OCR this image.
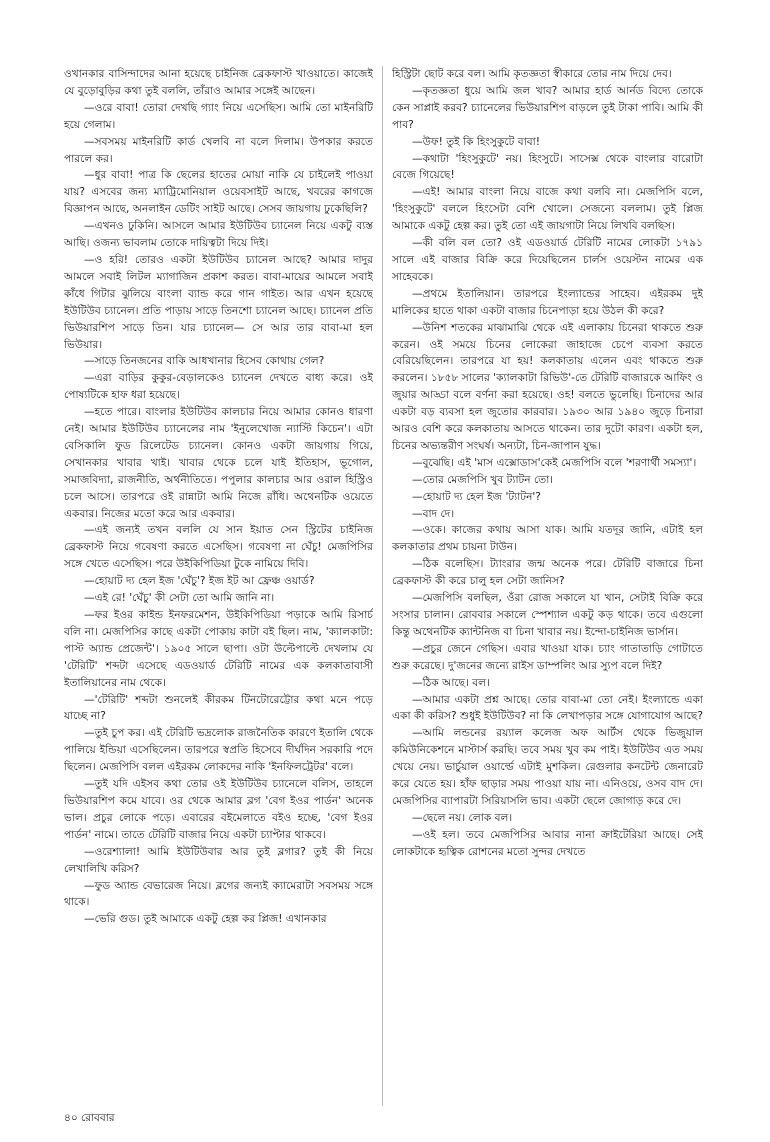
ওখানকার বাসিন্দাদের আনা হয়েছে চাইনিজ ব্রেকফাস্ট খাওয়াতে। কাজেই যে বুড়োবুড়ির কথা তুই বললি, তাঁরাও আমার সঙ্গেই আছেন।

—ওরে বাবা! তোরা দেখছি গ্যাং নিয়ে এসেছিস। আমি তো মাইনরিটি হয়ে গেলাম।

—সবসময় মাইনরিটি কার্ড খেলবি না বলে দিলাম। উপকার করতে পারলে কর।

—ধুর বাবা! পাত্র কি ছেলের হাতের মোয়া নাকি যে চাইলেই পাওয়া যায়? এসবের জন্য ম্যাট্রিমোনিয়াল ওয়েবসাইট আছে, খবরের কাগজে বিজ্ঞাপন আছে, অনলাইন ডেটিং সাইট আছে। সেসব জায়গায় ঢুকেছিলি?

—এখনও ঢুকিনি। আসলে আমার ইউটিউব চ্যানেল নিয়ে একটু ব্যস্ত আছি। ওজন্য ভাবলাম তোকে দায়িত্বটা দিয়ে দিই।

—ও হরি! তোরও একটা ইউটিউব চ্যানেল আছে? আমার দাদুর আমলে সবাই লিটল ম্যাগাজিন প্রকাশ করত। বাবা-মায়ের আমলে সবাই কাঁধে গিটার ঝুলিয়ে বাংলা ব্যান্ড করে গান গাইত। আর এখন হয়েছে ইউটিউব চ্যানেল। প্রতি পাড়ায় সাড়ে তিনশো চ্যানেল আছে। চ্যানেল প্রতি ভিউয়ারশিপ সাড়ে তিন। যার চ্যানেল— সে আর তার বাবা-মা হল ভিউয়ার।

—সাড়ে তিনজনের বাকি আধখানার হিসেব কোথায় গেল?

—এরা বাড়ির কুকুর-বেড়ালকেও চ্যানেল দেখতে বাধ্য করে। ওই পোষ্যটিকে হাফ ধরা হয়েছে।

—হতে পারে। বাংলার ইউটিউব কালচার নিয়ে আমার কোনও ধারণা নেই। আমার ইউটিউব চ্যানেলের নাম 'ইনুলেখোজ ন্যাস্টি কিচেন'। এটা বেসিকালি ফুড রিলেটেড চ্যানেল। কোনও একটা জায়গায় গিয়ে, সেখানকার খাবার খাই। খাবার থেকে চলে যাই ইতিহাস, ভূগোল, সমাজবিদ্যা, রাজনীতি, অর্থনীতিতে। পপুলার কালচার আর ওরাল হিস্ট্রিও চলে আসে। তারপরে ওই রান্নাটা আমি নিজে রাঁধি। অথেনটিক ওয়েতে একবার। নিজের মতো করে আর একবার।

—এই জন্যই তখন বললি যে সান ইয়াত সেন স্ট্রিটের চাইনিজ ব্রেকফাস্ট নিয়ে গবেষণা করতে এসেছিস। গবেষণা না ঘেঁচু! মেজপিসির সঙ্গে খেতে এসেছিস। পরে উইকিপিডিয়া টুকে নামিয়ে দিবি।

—হোয়াট দ্য হেল ইজ 'ঘেঁচু'? ইজ ইট আ ফ্রেঞ্চ ওয়ার্ড?

—এই রে! 'ঘেঁচু' কী সেটা তো আমি জানি না।

—ফর ইওর কাইন্ড ইনফরমেশন, উইকিপিডিয়া পড়াকে আমি রিসার্চ বলি না। মেজপিসির কাছে একটা পোকায় কাটা বই ছিল। নাম, 'ক্যালকাটা: পাস্ট অ্যান্ড প্রেজেন্ট'। ১৯০৫ সালে ছাপা। ওটা উল্টেপাল্টে দেখলাম যে 'টেরিটি' শব্দটা এসেছে এডওয়ার্ড টেরিটি নামের এক কলকাতাবাসী ইতালিয়ানের নাম থেকে।

—'টেরিটি' শব্দটা শুনলেই কীরকম টিনটোরেট্টোর কথা মনে পড়ে যাচ্ছে না?

—তুই চুপ কর। এই টেরিটি ভদ্রলোক রাজনৈতিক কারণে ইতালি থেকে পালিয়ে ইন্ডিয়া এসেছিলেন। তারপরে স্বপ্রতি হিসেবে দীর্ঘদিন সরকারি পদে ছিলেন। মেজপিসি বলল এইরকম লোকদের নাকি 'ইনফিলট্রেটর' বলে।

—তুই যদি এইসব কথা তোর ওই ইউটিউব চ্যানেলে বলিস, তাহলে ভিউয়ারশিপ কমে যাবে। ওর থেকে আমার ব্লগ 'বেগ ইওর পার্ডন' অনেক ভাল। প্রচুর লোকে পড়ে। এবারের বইমেলাতে বইও হচ্ছে, 'বেগ ইওর পার্ডন' নামে। তাতে টেরিটি বাজার নিয়ে একটা চ্যাপ্টার থাকবে।

—ওরেশ্যালা! আমি ইউটিউবার আর তুই ব্লগার? তুই কী নিয়ে লেখালিখি করিস?

—ফুড অ্যান্ড বেভারেজ নিয়ে। ব্লগের জন্যই ক্যামেরাটা সবসময় সঙ্গে থাকে।

—ভেরি গুড। তুই আমাকে একটু হেল্প কর প্লিজ! এখানকার

হিস্ট্রিটা ছোট করে বল। আমি কৃতজ্ঞতা স্বীকারে তোর নাম দিয়ে দেব।

—কৃতজ্ঞতা ধুয়ে আমি জল খাব? আমার হার্ড আর্নড বিদ্যে তোকে কেন সাপ্লাই করব? চ্যানেলের ভিউয়ারশিপ বাড়লে তুই টাকা পাবি। আমি কী পাব?

—উফ! তুই কি হিংসুকুটে বাবা!

—কথাটা 'হিংসুকুটে' নয়। হিংসুটে। সাসেক্স থেকে বাংলার বারোটা বেজে গিয়েছে!

—এই! আমার বাংলা নিয়ে বাজে কথা বলবি না। মেজপিসি বলে, 'হিংসুকুটে' বললে হিংসেটা বেশি খোলে। সেজন্যে বললাম। তুই প্লিজ আমাকে একটু হেল্প কর। তুই তো এই জায়গাটা নিয়ে লিখবি বলছিস।

—কী বলি বল তো? ওই এডওয়ার্ড টেরিটি নামের লোকটা ১৭৯১ সালে এই বাজার বিক্রি করে দিয়েছিলেন চার্লস ওয়েস্টন নামের এক সাহেবকে।

—প্রথমে ইতালিয়ান। তারপরে ইংল্যান্ডের সাহেব। এইরকম দুই মালিকের হাতে থাকা একটা বাজার চিনেপাড়া হয়ে উঠল কী করে?

—উনিশ শতকের মাঝামাঝি থেকে এই এলাকায় চিনেরা থাকতে শুরু করেন। ওই সময়ে চিনের লোকেরা জাহাজে চেপে ব্যবসা করতে বেরিয়েছিলেন। তারপরে যা হয়! কলকাতায় এলেন এবং থাকতে শুরু করলেন। ১৮৫৮ সালের 'ক্যালকাটা রিভিউ'-তে টেরিটি বাজারকে আফিং ও জুয়ার আড্ডা বলে বর্ণনা করা হয়েছে। ওহ! বলতে ভুলেছি। চিনাদের আর একটা বড় ব্যবসা হল জুতোর কারবার। ১৯৩০ আর ১৯৪০ জুড়ে চিনারা আরও বেশি করে কলকাতায় আসতে থাকেন। তার দুটো কারণ। একটা হল, চিনের অভ্যন্তরীণ সংঘর্ষ। অন্যটা, চিন-জাপান যুদ্ধ।

—বুঝেছি। এই 'মাস এক্সোডাস'কেই মেজপিসি বলে 'শরণার্থী সমস্যা'।

—তোর মেজপিসি খুব ট্যাটন তো।

—হোয়াট দ্য হেল ইজ 'ট্যাটন'?

—বাদ দে।

—ওকে। কাজের কথায় আসা যাক। আমি যতদূর জানি, এটাই হল কলকাতার প্রথম চায়না টাউন।

—ঠিক বলেছিস। ট্যাংরার জন্ম অনেক পরে। টেরিটি বাজারে চিনা ব্রেকফাস্ট কী করে চালু হল সেটা জানিস?

—মেজপিসি বলছিল, ওঁরা রোজ সকালে যা খান, সেটাই বিক্রি করে সংসার চালান। রোববার সকালে স্পেশ্যাল একটু কড় থাকে। তবে এগুলো কিন্তু অথেনটিক ক্যান্টনিজ বা চিনা খাবার নয়। ইন্দো-চাইনিজ ভার্সান।

—প্রচুর জেনে গেছিস। এবার খাওয়া যাক। চ্যাং গাতাতাড়ি গোটাতে শুরু করেছে। দু'জনের জন্যে রাইস ডাম্পলিং আর স্যুপ বলে দিই?

—ঠিক আছে। বল।

—আমার একটা প্রশ্ন আছে। তোর বাবা-মা তো নেই। ইংল্যান্ডে একা একা কী করিস? শুধুই ইউটিউব? না কি লেখাপড়ার সঙ্গে যোগাযোগ আছে?

—আমি লন্ডনের রয়্যাল কলেজ অফ আর্টস থেকে ভিজুয়াল কমিউনিকেশনে মাস্টার্স করছি। তবে সময় খুব কম পাই। ইউটিউব এত সময় খেয়ে নেয়। ভার্চুয়াল ওয়ার্ল্ডে এটাই মুশকিল। রেগুলার কনটেন্ট জেনারেট করে যেতে হয়। হাঁফ ছাড়ার সময় পাওয়া যায় না। এনিওয়ে, ওসব বাদ দে। মেজপিসির ব্যাপারটা সিরিয়াসলি ভাব। একটা ছেলে জোগাড় করে দে।

—ছেলে নয়। লোক বল।

—ওই হল। তবে মেজপিসির আবার নানা ক্রাইটেরিয়া আছে। সেই লোকটাকে হৃত্বিক রোশনের মতো সুন্দর দেখতে

৪০ রোববার
